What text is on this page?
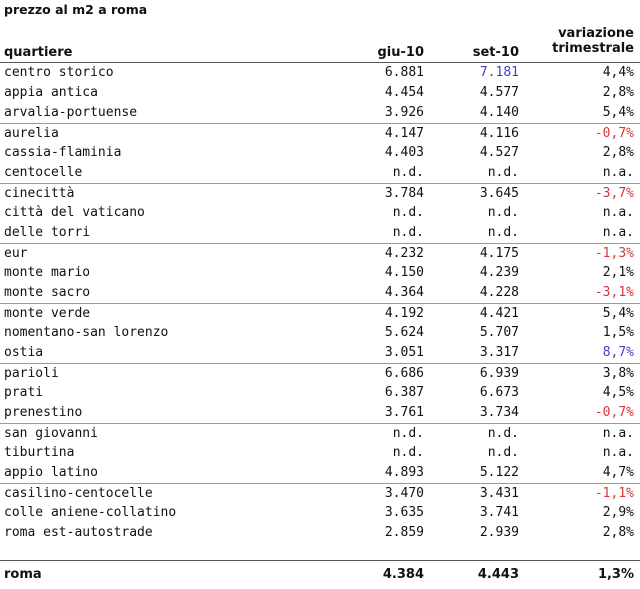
prezzo al m2 a roma
quartiere	giu-10	set-10
variazione
trimestrale
centro storico	6.881	7.181	4,4%
appia antica	4.454	4.577	2,8%
arvalia-portuense	3.926	4.140	5,4%
aurelia	4.147	4.116	-0,7%
cassia-flaminia	4.403	4.527	2,8%
centocelle	n.d.	n.d.	n.a.
cinecittà	3.784	3.645	-3,7%
città del vaticano	n.d.	n.d.	n.a.
delle torri	n.d.	n.d.	n.a.
eur	4.232	4.175	-1,3%
monte mario	4.150	4.239	2,1%
monte sacro	4.364	4.228	-3,1%
monte verde	4.192	4.421	5,4%
nomentano-san lorenzo	5.624	5.707	1,5%
ostia	3.051	3.317	8,7%
parioli	6.686	6.939	3,8%
prati	6.387	6.673	4,5%
prenestino	3.761	3.734	-0,7%
san giovanni	n.d.	n.d.	n.a.
tiburtina	n.d.	n.d.	n.a.
appio latino	4.893	5.122	4,7%
casilino-centocelle	3.470	3.431	-1,1%
colle aniene-collatino	3.635	3.741	2,9%
roma est-autostrade	2.859	2.939	2,8%
roma	4.384	4.443	1,3%
